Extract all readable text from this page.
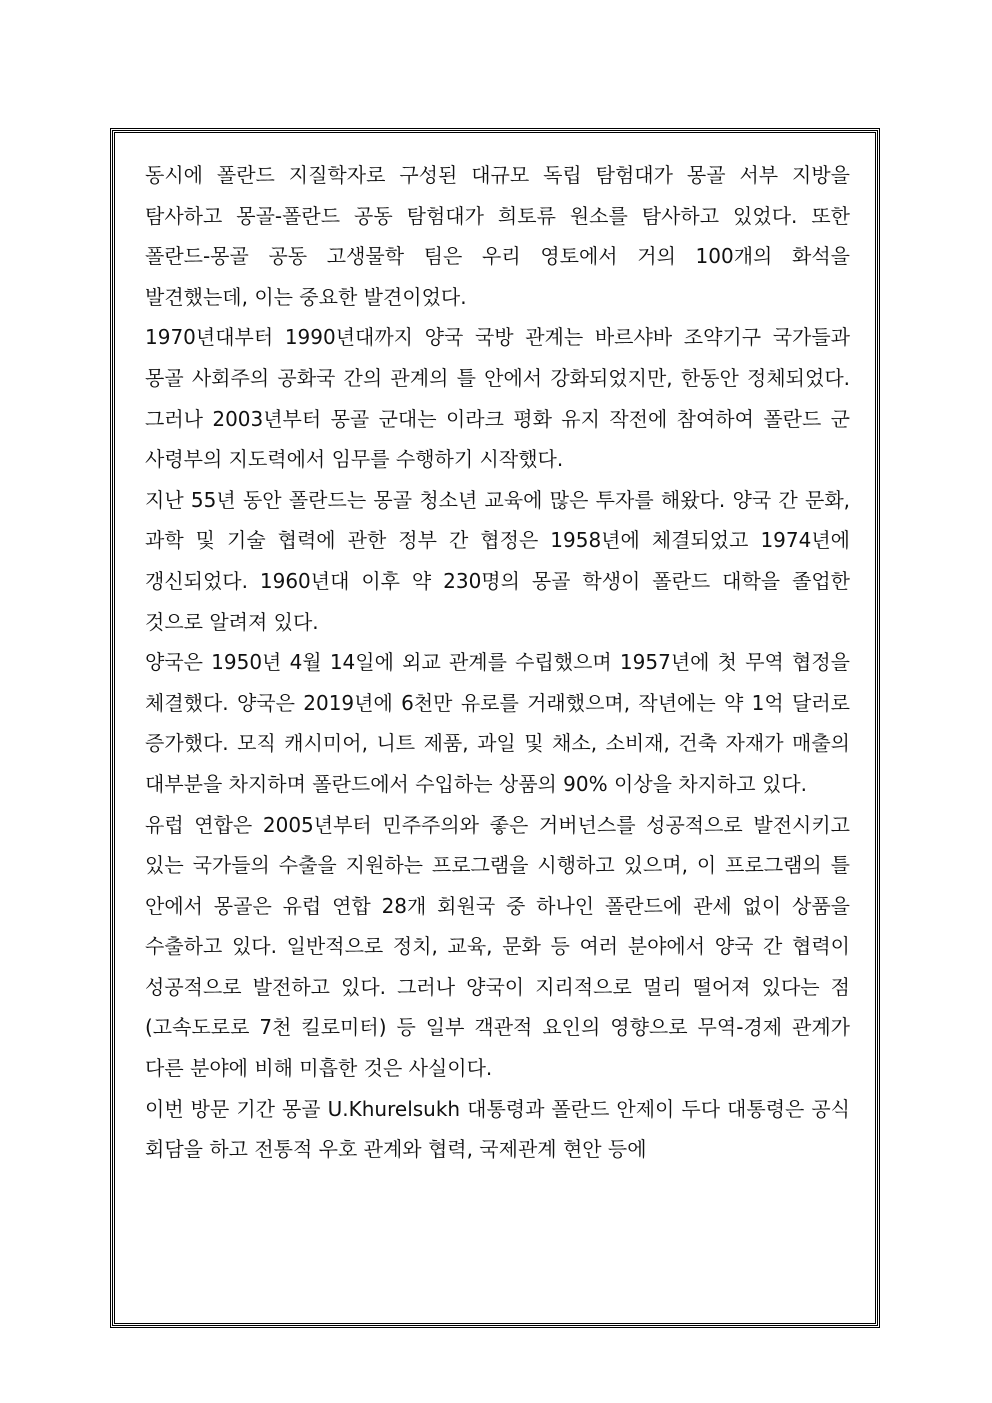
동시에 폴란드 지질학자로 구성된 대규모 독립 탐험대가 몽골 서부 지방을 탐사하고 몽골-폴란드 공동 탐험대가 희토류 원소를 탐사하고 있었다. 또한 폴란드-몽골 공동 고생물학 팀은 우리 영토에서 거의 100개의 화석을 발견했는데, 이는 중요한 발견이었다.

1970년대부터 1990년대까지 양국 국방 관계는 바르샤바 조약기구 국가들과 몽골 사회주의 공화국 간의 관계의 틀 안에서 강화되었지만, 한동안 정체되었다. 그러나 2003년부터 몽골 군대는 이라크 평화 유지 작전에 참여하여 폴란드 군 사령부의 지도력에서 임무를 수행하기 시작했다.

지난 55년 동안 폴란드는 몽골 청소년 교육에 많은 투자를 해왔다. 양국 간 문화, 과학 및 기술 협력에 관한 정부 간 협정은 1958년에 체결되었고 1974년에 갱신되었다. 1960년대 이후 약 230명의 몽골 학생이 폴란드 대학을 졸업한 것으로 알려져 있다.

양국은 1950년 4월 14일에 외교 관계를 수립했으며 1957년에 첫 무역 협정을 체결했다. 양국은 2019년에 6천만 유로를 거래했으며, 작년에는 약 1억 달러로 증가했다. 모직 캐시미어, 니트 제품, 과일 및 채소, 소비재, 건축 자재가 매출의 대부분을 차지하며 폴란드에서 수입하는 상품의 90% 이상을 차지하고 있다.

유럽 연합은 2005년부터 민주주의와 좋은 거버넌스를 성공적으로 발전시키고 있는 국가들의 수출을 지원하는 프로그램을 시행하고 있으며, 이 프로그램의 틀 안에서 몽골은 유럽 연합 28개 회원국 중 하나인 폴란드에 관세 없이 상품을 수출하고 있다. 일반적으로 정치, 교육, 문화 등 여러 분야에서 양국 간 협력이 성공적으로 발전하고 있다. 그러나 양국이 지리적으로 멀리 떨어져 있다는 점(고속도로로 7천 킬로미터) 등 일부 객관적 요인의 영향으로 무역-경제 관계가 다른 분야에 비해 미흡한 것은 사실이다.

이번 방문 기간 몽골 U.Khurelsukh 대통령과 폴란드 안제이 두다 대통령은 공식 회담을 하고 전통적 우호 관계와 협력, 국제관계 현안 등에
